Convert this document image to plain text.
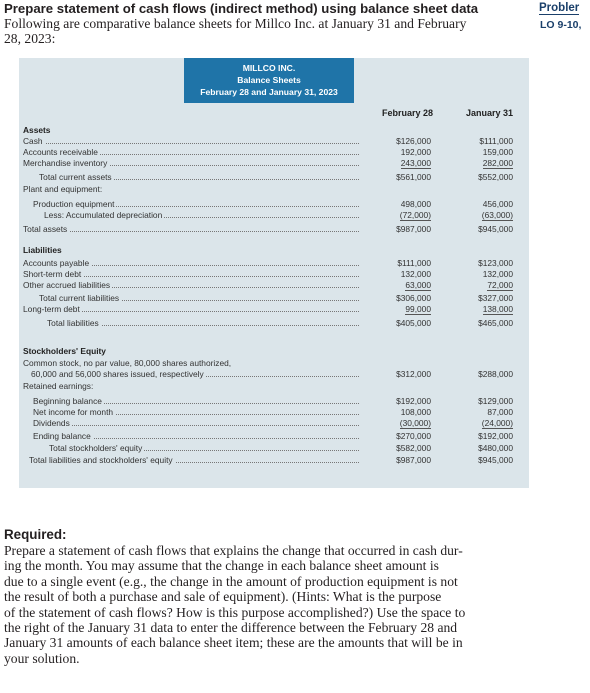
Prepare statement of cash flows (indirect method) using balance sheet data
Following are comparative balance sheets for Millco Inc. at January 31 and February
28, 2023:
Probler
LO 9-10,
MILLCO INC.
Balance Sheets
February 28 and January 31, 2023
February 28	January 31
Assets
Cash	$126,000	$111,000
Accounts receivable	192,000	159,000
Merchandise inventory	243,000	282,000
Total current assets	$561,000	$552,000
Plant and equipment:
Production equipment	498,000	456,000
Less: Accumulated depreciation	(72,000)	(63,000)
Total assets	$987,000	$945,000
Liabilities
Accounts payable	$111,000	$123,000
Short-term debt	132,000	132,000
Other accrued liabilities	63,000	72,000
Total current liabilities	$306,000	$327,000
Long-term debt	99,000	138,000
Total liabilities	$405,000	$465,000
Stockholders' Equity
Common stock, no par value, 80,000 shares authorized,
60,000 and 56,000 shares issued, respectively	$312,000	$288,000
Retained earnings:
Beginning balance	$192,000	$129,000
Net income for month	108,000	87,000
Dividends	(30,000)	(24,000)
Ending balance	$270,000	$192,000
Total stockholders' equity	$582,000	$480,000
Total liabilities and stockholders' equity	$987,000	$945,000
Required:
Prepare a statement of cash flows that explains the change that occurred in cash dur-
ing the month. You may assume that the change in each balance sheet amount is
due to a single event (e.g., the change in the amount of production equipment is not
the result of both a purchase and sale of equipment). (Hints: What is the purpose
of the statement of cash flows? How is this purpose accomplished?) Use the space to
the right of the January 31 data to enter the difference between the February 28 and
January 31 amounts of each balance sheet item; these are the amounts that will be in
your solution.
